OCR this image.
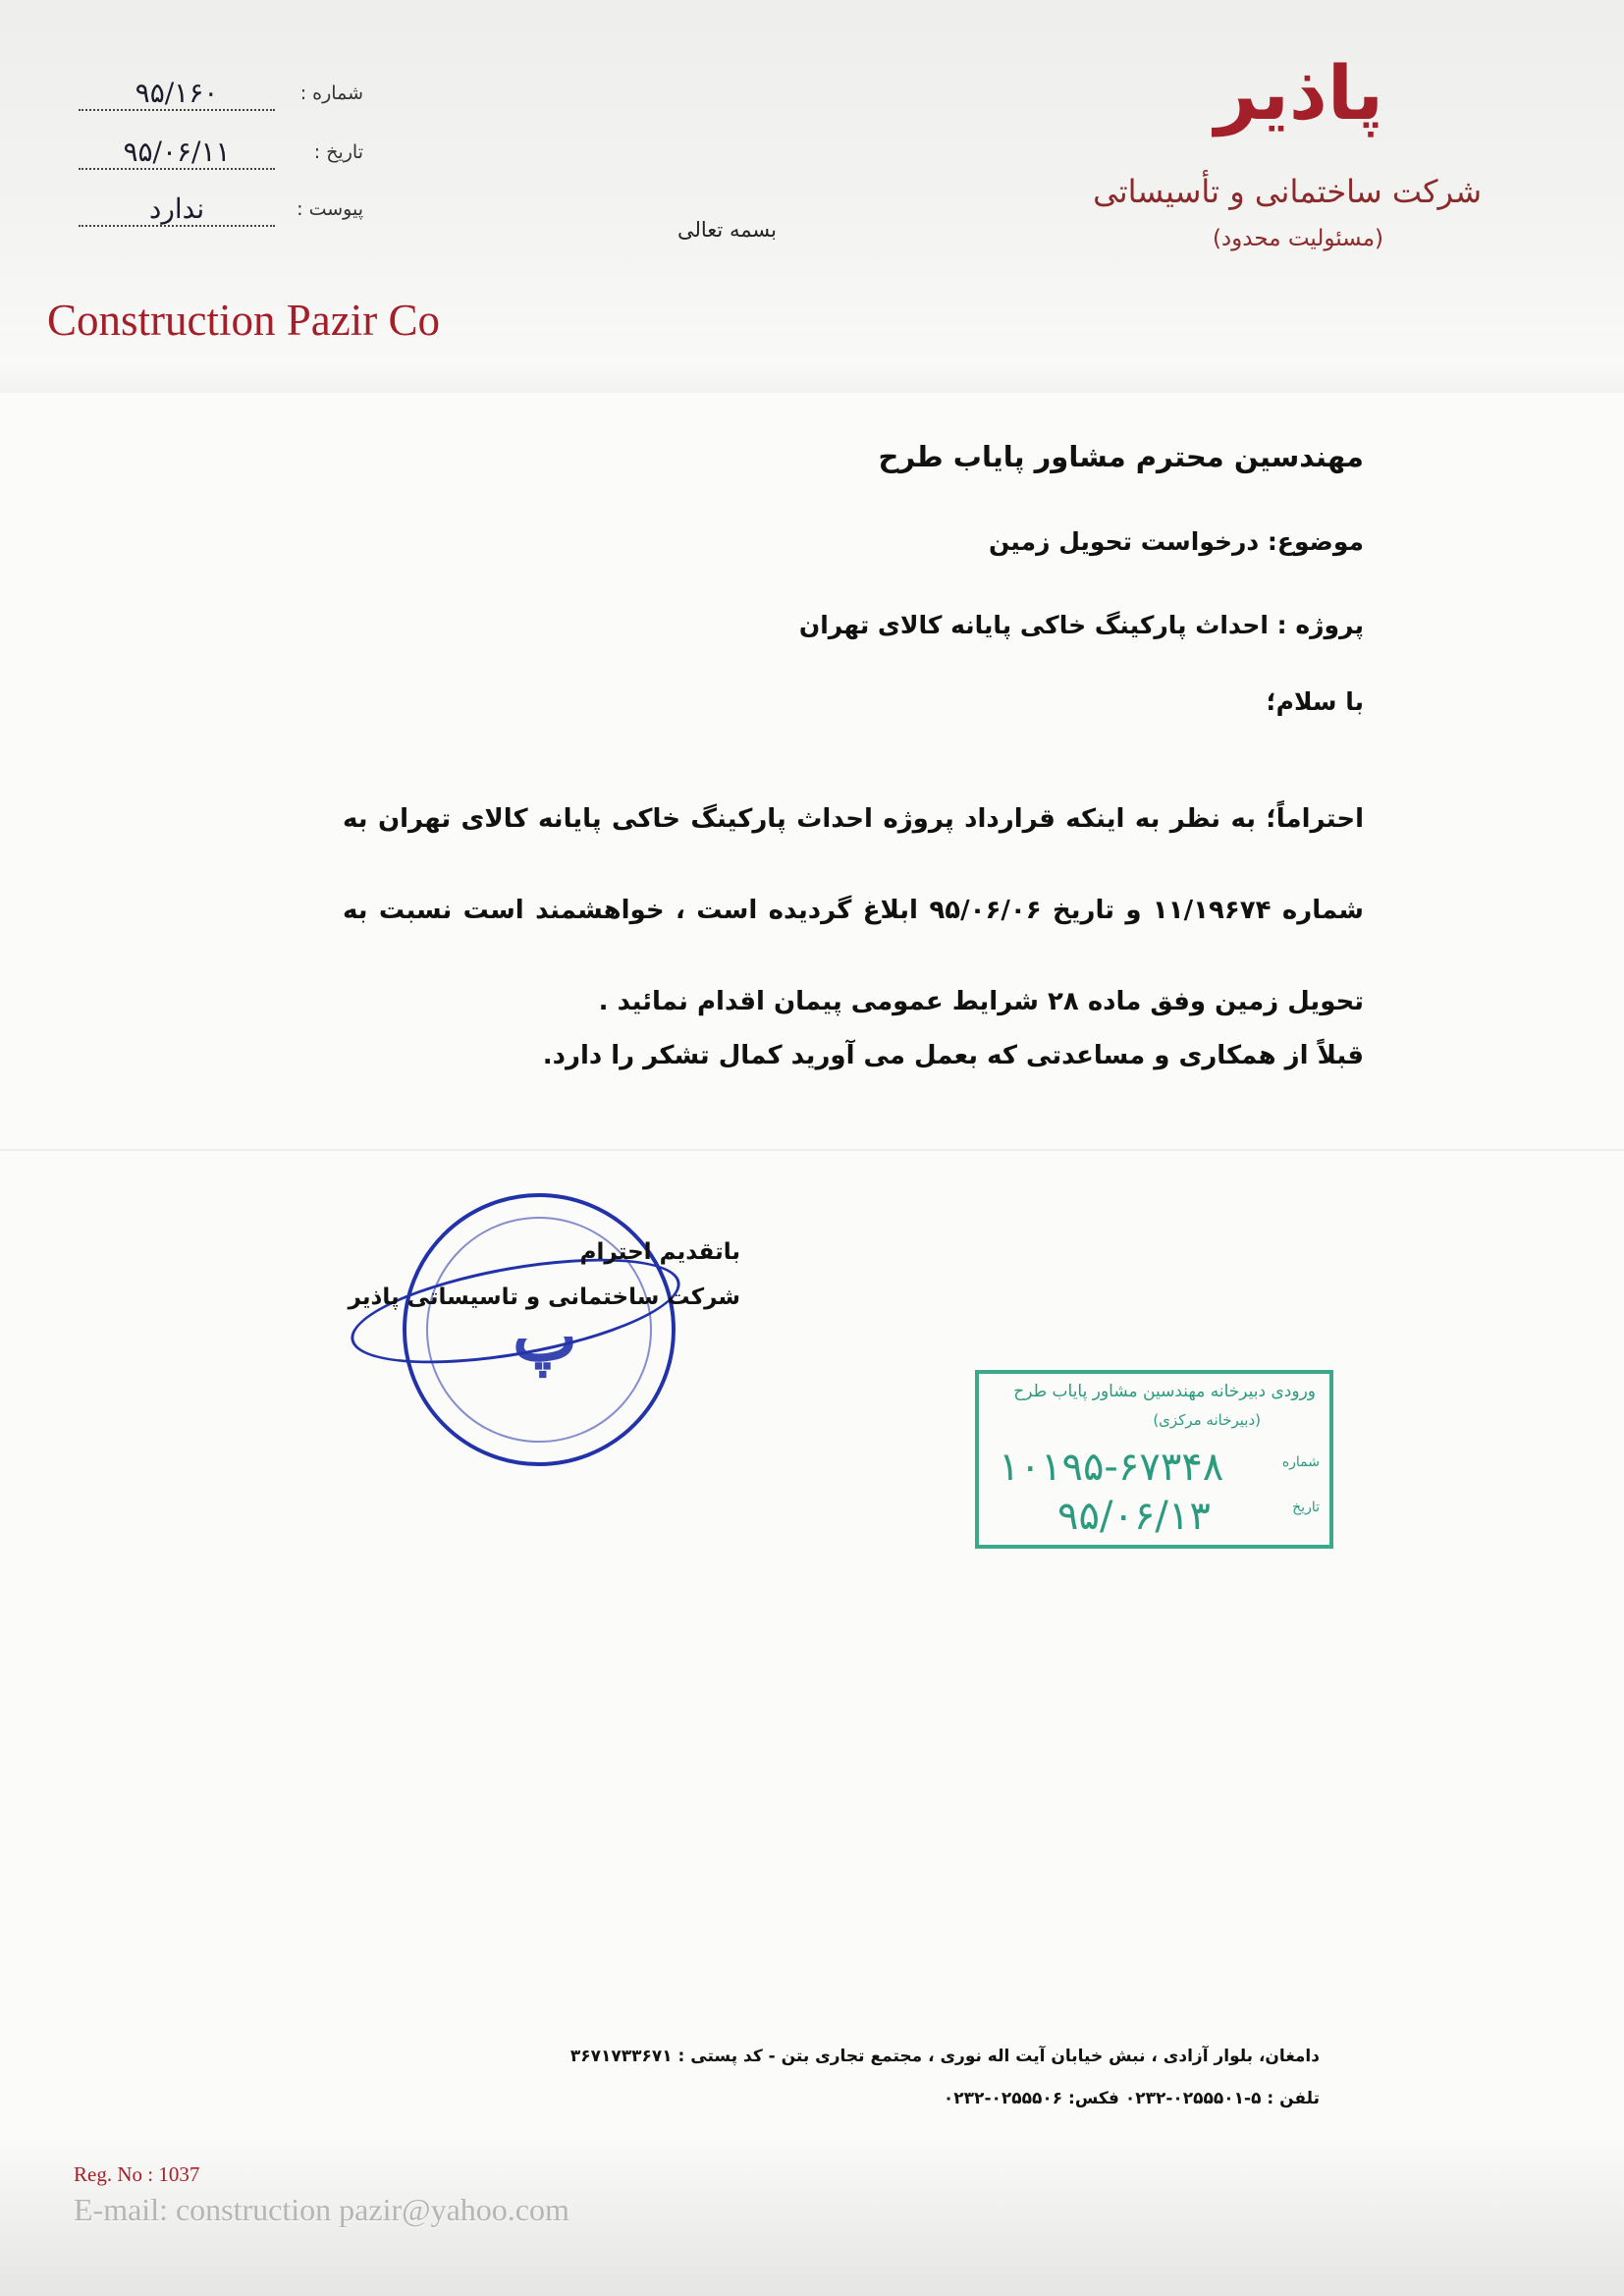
پاذیر
شرکت ساختمانی و تأسیساتی
(مسئولیت محدود)
Construction Pazir Co
شماره :
۹۵/۱۶۰
تاریخ :
۹۵/۰۶/۱۱
پیوست :
ندارد
بسمه تعالی
مهندسین محترم مشاور پایاب طرح
موضوع: درخواست تحویل زمین
پروژه : احداث پارکینگ خاکی پایانه کالای تهران
با سلام؛
احتراماً؛ به نظر به اینکه قرارداد پروژه احداث پارکینگ خاکی پایانه کالای تهران به شماره ۱۱/۱۹۶۷۴ و تاریخ ۹۵/۰۶/۰۶ ابلاغ گردیده است ، خواهشمند است نسبت به تحویل زمین وفق ماده ۲۸ شرایط عمومی پیمان اقدام نمائید .
قبلاً از همکاری و مساعدتی که بعمل می آورید کمال تشکر را دارد.
پ
باتقدیم احترام
شرکت ساختمانی و تاسیساتی پاذیر
ورودی دبیرخانه مهندسین مشاور پایاب طرح
(دبیرخانه مرکزی)
شماره
تاریخ
۱۰۱۹۵-۶۷۳۴۸
۹۵/۰۶/۱۳
دامغان، بلوار آزادی ، نبش خیابان آیت اله نوری ، مجتمع تجاری بتن - کد پستی : ۳۶۷۱۷۳۳۶۷۱
تلفن : ۵-۰۲۵۵۵۰۱-۰۲۳۲ فکس: ۰۲۵۵۵۰۶-۰۲۳۲
Reg. No : 1037
E-mail: construction pazir@yahoo.com
